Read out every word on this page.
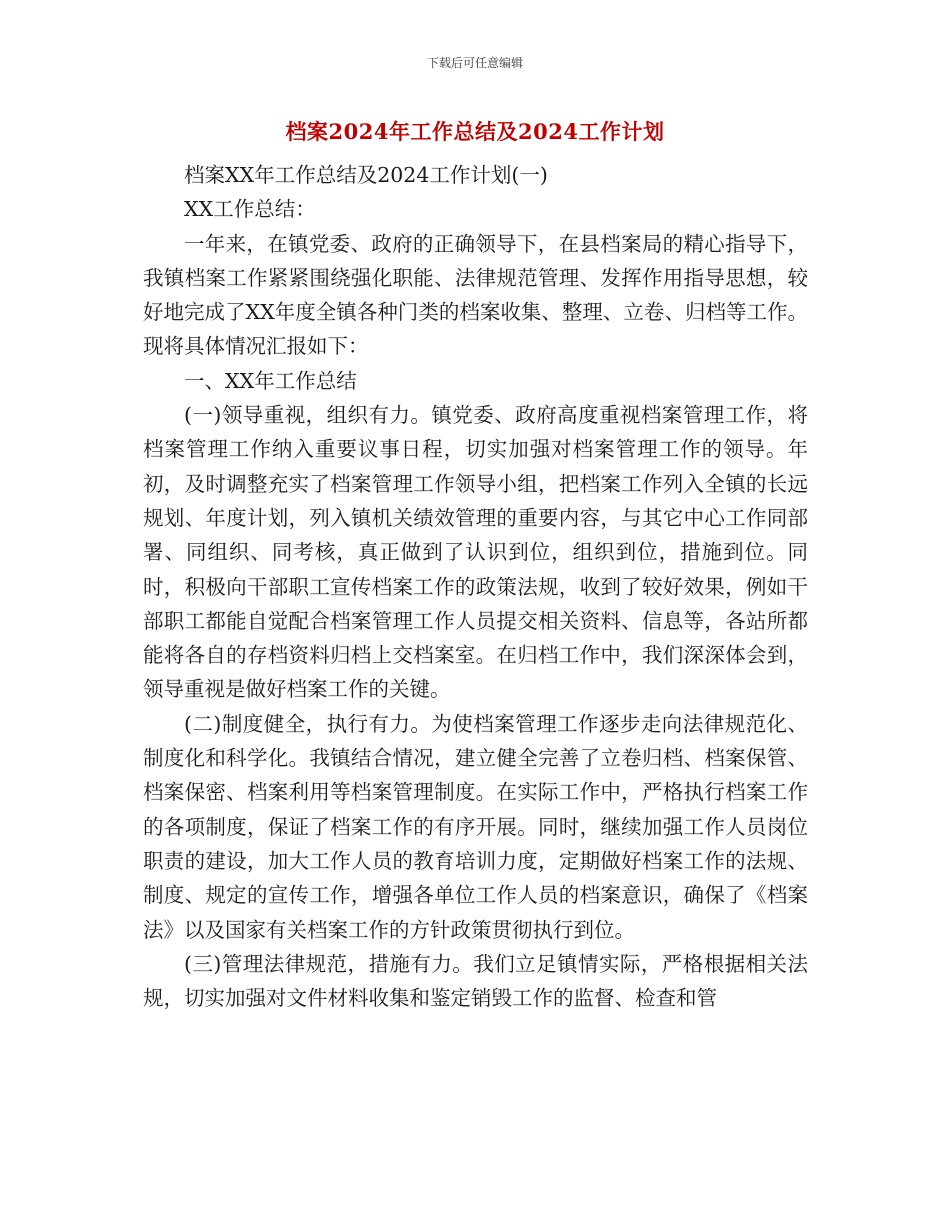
下载后可任意编辑
档案2024年工作总结及2024工作计划

档案XX年工作总结及2024工作计划(一)

XX工作总结：

一年来，在镇党委、政府的正确领导下，在县档案局的精心指导下，我镇档案工作紧紧围绕强化职能、法律规范管理、发挥作用指导思想，较好地完成了XX年度全镇各种门类的档案收集、整理、立卷、归档等工作。现将具体情况汇报如下：

一、XX年工作总结

(一)领导重视，组织有力。镇党委、政府高度重视档案管理工作，将档案管理工作纳入重要议事日程，切实加强对档案管理工作的领导。年初，及时调整充实了档案管理工作领导小组，把档案工作列入全镇的长远规划、年度计划，列入镇机关绩效管理的重要内容，与其它中心工作同部署、同组织、同考核，真正做到了认识到位，组织到位，措施到位。同时，积极向干部职工宣传档案工作的政策法规，收到了较好效果，例如干部职工都能自觉配合档案管理工作人员提交相关资料、信息等，各站所都能将各自的存档资料归档上交档案室。在归档工作中，我们深深体会到，领导重视是做好档案工作的关键。

(二)制度健全，执行有力。为使档案管理工作逐步走向法律规范化、制度化和科学化。我镇结合情况，建立健全完善了立卷归档、档案保管、档案保密、档案利用等档案管理制度。在实际工作中，严格执行档案工作的各项制度，保证了档案工作的有序开展。同时，继续加强工作人员岗位职责的建设，加大工作人员的教育培训力度，定期做好档案工作的法规、制度、规定的宣传工作，增强各单位工作人员的档案意识，确保了《档案法》以及国家有关档案工作的方针政策贯彻执行到位。

(三)管理法律规范，措施有力。我们立足镇情实际，严格根据相关法规，切实加强对文件材料收集和鉴定销毁工作的监督、检查和管
